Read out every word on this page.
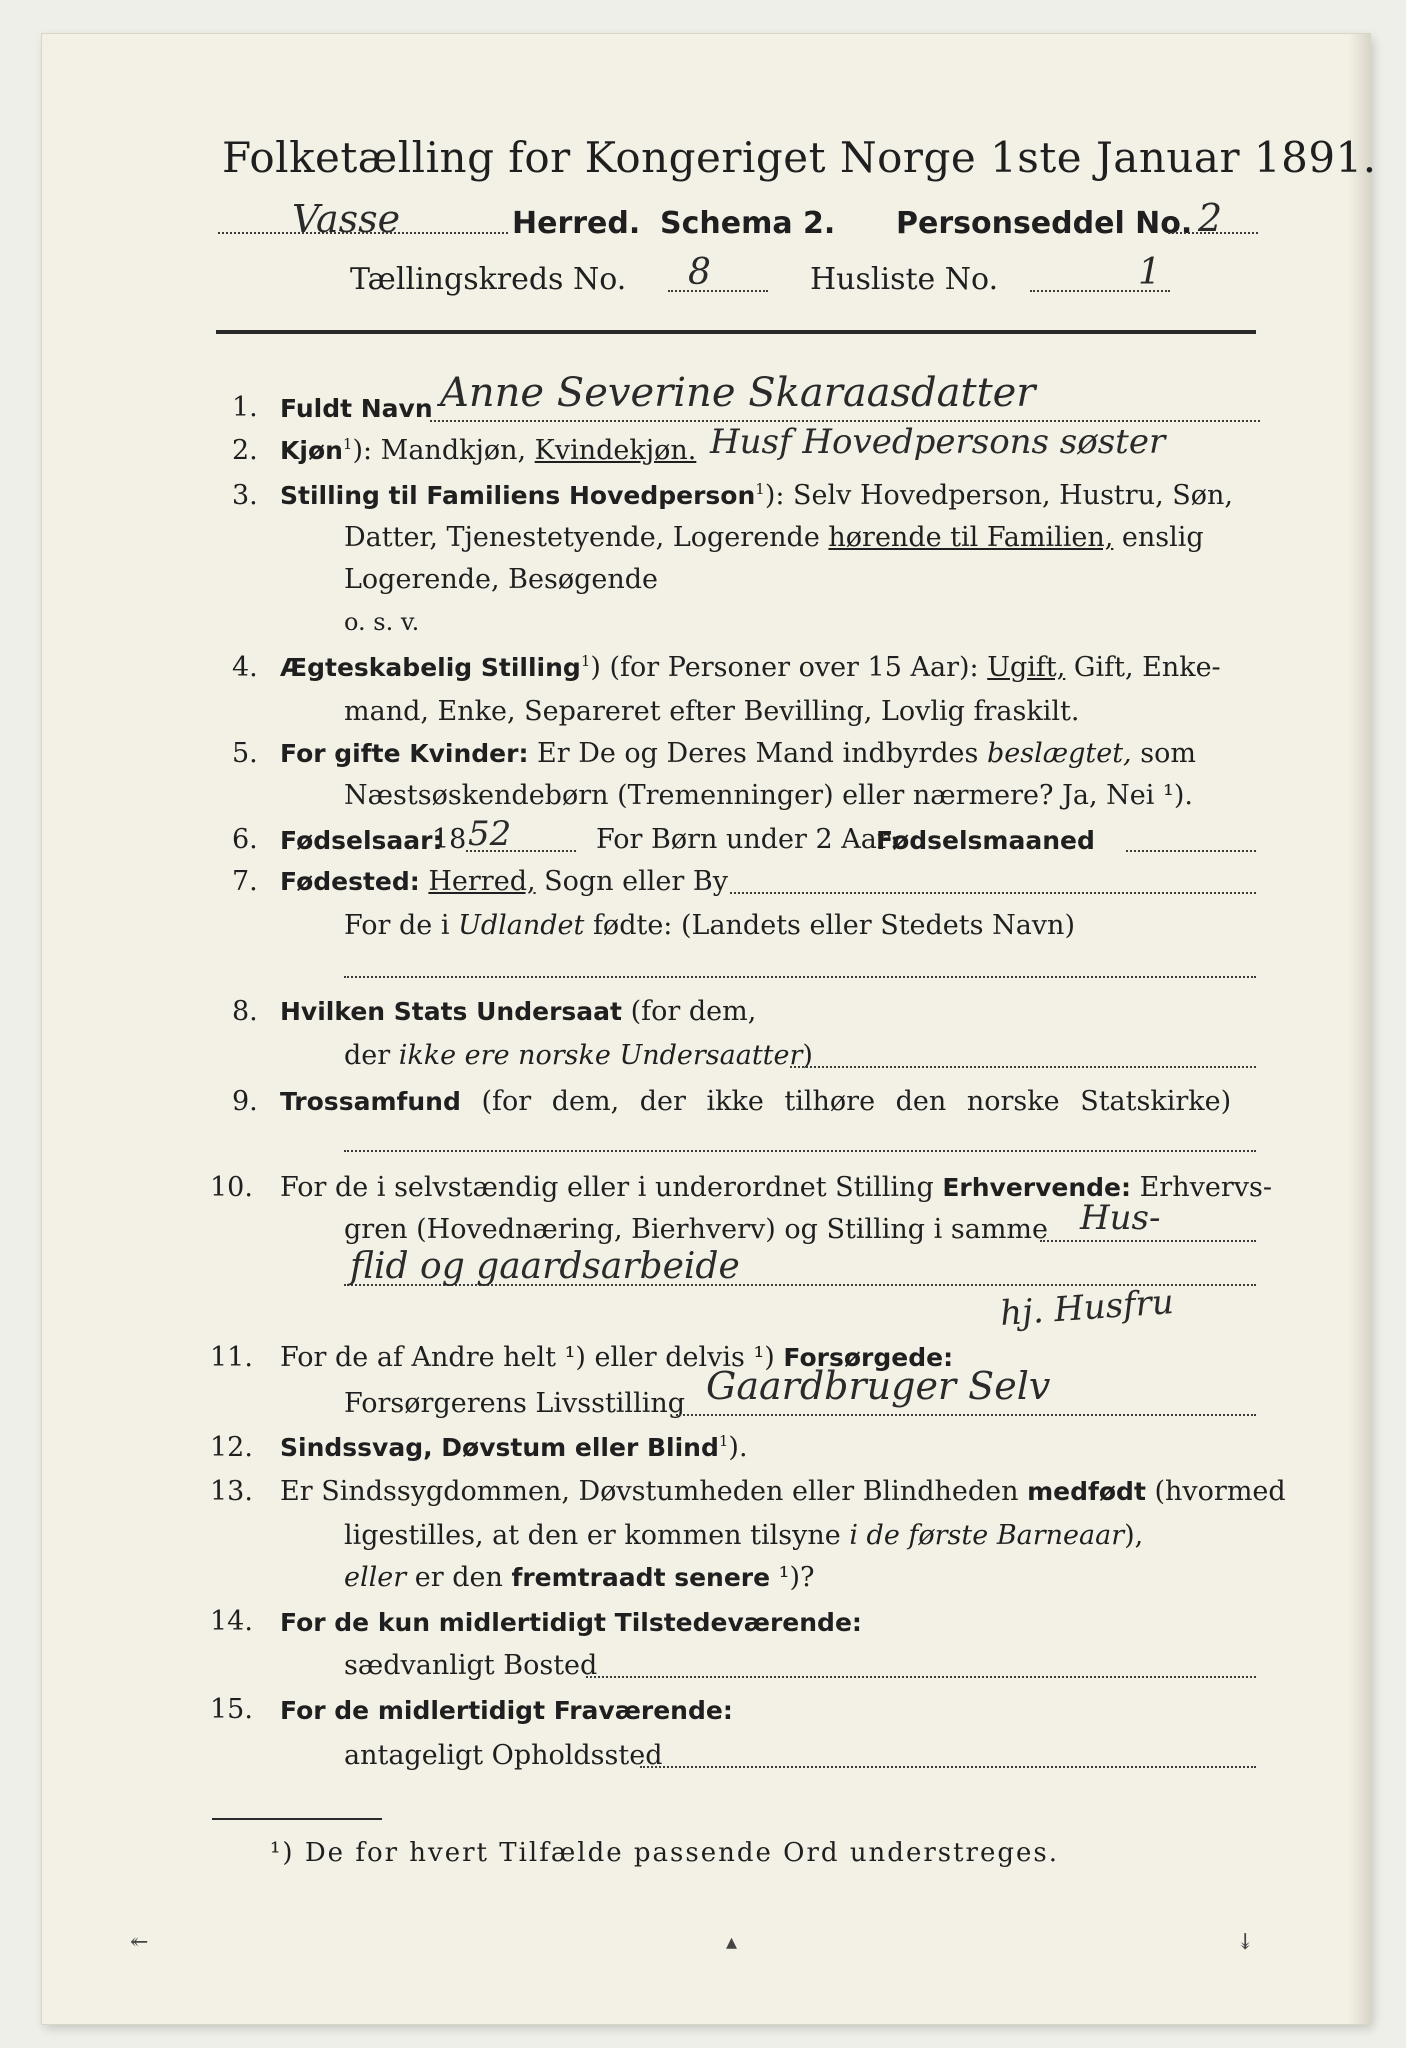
Folketælling for Kongeriget Norge 1ste Januar 1891.
Vasse	Herred. Schema 2. Personseddel No. 2
Tællingskreds No. 8	Husliste No.	1
1. Fuldt Navn Anne Severine Skaraasdatter
2. Kjøn$^1$): Mandkjøn, Kvindekjøn. Husf Hovedpersons søster
3. Stilling til Familiens Hovedperson$^1$): Selv Hovedperson, Hustru, Søn,
Datter, Tjenestetyende, Logerende hørende til Familien, enslig
Logerende, Besøgende
o. s. v.
4. Ægteskabelig Stilling$^1$) (for Personer over 15 Aar): Ugift, Gift, Enke-
mand, Enke, Separeret efter Bevilling, Lovlig fraskilt.
5. For gifte Kvinder: Er De og Deres Mand indbyrdes beslægtet, som
Næstsøskendebørn (Tremenninger) eller nærmere? Ja, Nei ¹).
6. Fødselsaar:
18 52	For Børn under 2 Aar:
Fødselsmaaned
7. Fødested: Herred, Sogn eller By
For de i Udlandet fødte: (Landets eller Stedets Navn)
8. Hvilken Stats Undersaat (for dem,
der ikke ere norske Undersaatter)
9. Trossamfund (for dem, der ikke tilhøre den norske Statskirke)
10. For de i selvstændig eller i underordnet Stilling Erhvervende: Erhvervs-
gren (Hovednæring, Bierhverv) og Stilling i samme Hus-
flid og gaardsarbeide
hj. Husfru
11. For de af Andre helt ¹) eller delvis ¹) Forsørgede:
Forsørgerens Livsstilling Gaardbruger Selv
12. Sindssvag, Døvstum eller Blind$^1$).
13. Er Sindssygdommen, Døvstumheden eller Blindheden medfødt (hvormed
ligestilles, at den er kommen tilsyne i de første Barneaar),
eller er den fremtraadt senere ¹)?
14. For de kun midlertidigt Tilstedeværende:
sædvanligt Bosted
15. For de midlertidigt Fraværende:
antageligt Opholdssted
¹) De for hvert Tilfælde passende Ord understreges.
↞	▴	↡
